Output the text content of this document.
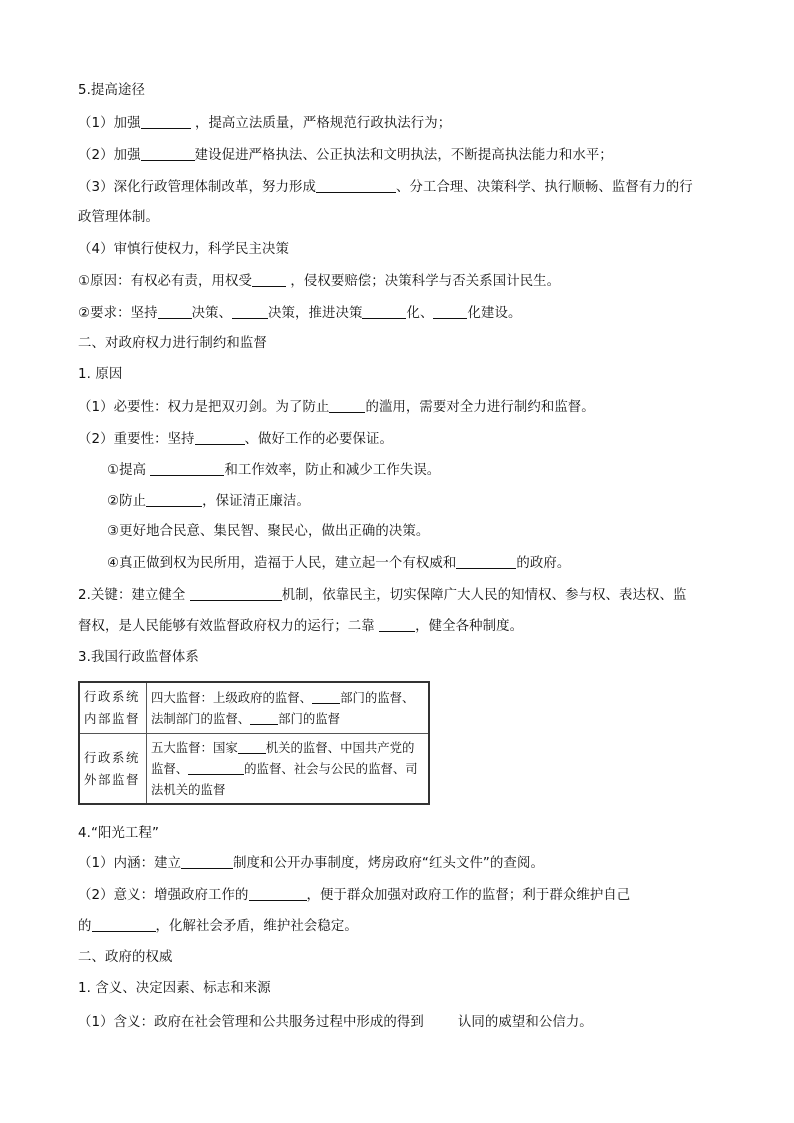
5.提高途径
（1）加强	，提高立法质量，严格规范行政执法行为；
（2）加强	建设促进严格执法、公正执法和文明执法，不断提高执法能力和水平；
（3）深化行政管理体制改革，努力形成	、分工合理、决策科学、执行顺畅、监督有力的行
政管理体制。
（4）审慎行使权力，科学民主决策
①原因：有权必有责，用权受	，侵权要赔偿；决策科学与否关系国计民生。
②要求：坚持	决策、	决策，推进决策	化、	化建设。
二、对政府权力进行制约和监督
1. 原因
（1）必要性：权力是把双刃剑。为了防止	的滥用，需要对全力进行制约和监督。
（2）重要性：坚持	、做好工作的必要保证。
①提高	和工作效率，防止和减少工作失误。
②防止	，保证清正廉洁。
③更好地合民意、集民智、聚民心，做出正确的决策。
④真正做到权为民所用，造福于人民，建立起一个有权威和	的政府。
2.关键：建立健全	机制，依靠民主，切实保障广大人民的知情权、参与权、表达权、监
督权，是人民能够有效监督政府权力的运行；二靠	，健全各种制度。
3.我国行政监督体系
4.“阳光工程”
（1）内涵：建立	制度和公开办事制度，烤房政府“红头文件”的查阅。
（2）意义：增强政府工作的	，便于群众加强对政府工作的监督；利于群众维护自己
的	，化解社会矛盾，维护社会稳定。
二、政府的权威
1. 含义、决定因素、标志和来源
（1）含义：政府在社会管理和公共服务过程中形成的得到	认同的威望和公信力。
行政系统内部监督	四大监督：上级政府的监督、 部门的监督、法制部门的监督、 部门的监督
行政系统外部监督	五大监督：国家 机关的监督、中国共产党的监督、 的监督、社会与公民的监督、司法机关的监督
